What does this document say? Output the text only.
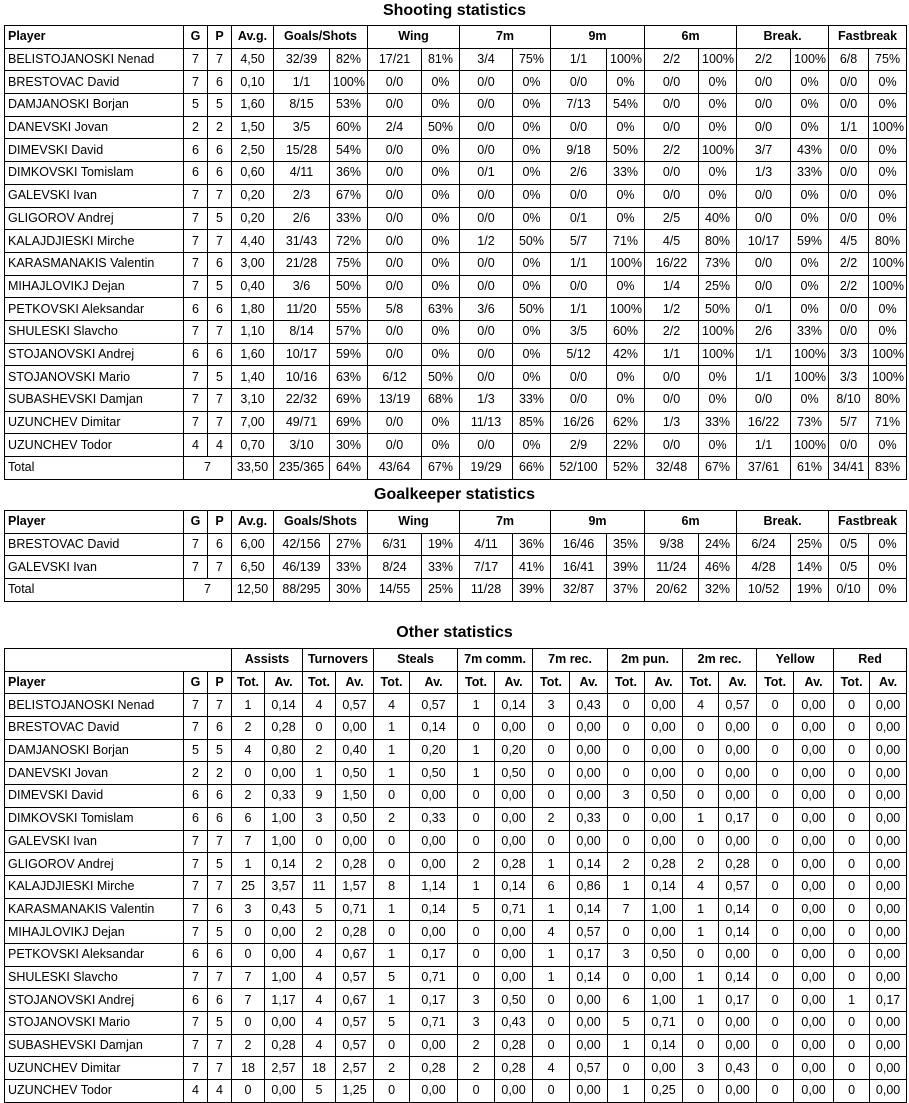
Shooting statistics
Player	G	P	Av.g.	Goals/Shots		Wing		7m		9m		6m		Break.		Fastbreak	
BELISTOJANOSKI Nenad	7	7	4,50	32/39	82%	17/21	81%	3/4	75%	1/1	100%	2/2	100%	2/2	100%	6/8	75%
BRESTOVAC David	7	6	0,10	1/1	100%	0/0	0%	0/0	0%	0/0	0%	0/0	0%	0/0	0%	0/0	0%
DAMJANOSKI Borjan	5	5	1,60	8/15	53%	0/0	0%	0/0	0%	7/13	54%	0/0	0%	0/0	0%	0/0	0%
DANEVSKI Jovan	2	2	1,50	3/5	60%	2/4	50%	0/0	0%	0/0	0%	0/0	0%	0/0	0%	1/1	100%
DIMEVSKI David	6	6	2,50	15/28	54%	0/0	0%	0/0	0%	9/18	50%	2/2	100%	3/7	43%	0/0	0%
DIMKOVSKI Tomislam	6	6	0,60	4/11	36%	0/0	0%	0/1	0%	2/6	33%	0/0	0%	1/3	33%	0/0	0%
GALEVSKI Ivan	7	7	0,20	2/3	67%	0/0	0%	0/0	0%	0/0	0%	0/0	0%	0/0	0%	0/0	0%
GLIGOROV Andrej	7	5	0,20	2/6	33%	0/0	0%	0/0	0%	0/1	0%	2/5	40%	0/0	0%	0/0	0%
KALAJDJIESKI Mirche	7	7	4,40	31/43	72%	0/0	0%	1/2	50%	5/7	71%	4/5	80%	10/17	59%	4/5	80%
KARASMANAKIS Valentin	7	6	3,00	21/28	75%	0/0	0%	0/0	0%	1/1	100%	16/22	73%	0/0	0%	2/2	100%
MIHAJLOVIKJ Dejan	7	5	0,40	3/6	50%	0/0	0%	0/0	0%	0/0	0%	1/4	25%	0/0	0%	2/2	100%
PETKOVSKI Aleksandar	6	6	1,80	11/20	55%	5/8	63%	3/6	50%	1/1	100%	1/2	50%	0/1	0%	0/0	0%
SHULESKI Slavcho	7	7	1,10	8/14	57%	0/0	0%	0/0	0%	3/5	60%	2/2	100%	2/6	33%	0/0	0%
STOJANOVSKI Andrej	6	6	1,60	10/17	59%	0/0	0%	0/0	0%	5/12	42%	1/1	100%	1/1	100%	3/3	100%
STOJANOVSKI Mario	7	5	1,40	10/16	63%	6/12	50%	0/0	0%	0/0	0%	0/0	0%	1/1	100%	3/3	100%
SUBASHEVSKI Damjan	7	7	3,10	22/32	69%	13/19	68%	1/3	33%	0/0	0%	0/0	0%	0/0	0%	8/10	80%
UZUNCHEV Dimitar	7	7	7,00	49/71	69%	0/0	0%	11/13	85%	16/26	62%	1/3	33%	16/22	73%	5/7	71%
UZUNCHEV Todor	4	4	0,70	3/10	30%	0/0	0%	0/0	0%	2/9	22%	0/0	0%	1/1	100%	0/0	0%
Total	7		33,50	235/365	64%	43/64	67%	19/29	66%	52/100	52%	32/48	67%	37/61	61%	34/41	83%
Goalkeeper statistics
Player	G	P	Av.g.	Goals/Shots		Wing		7m		9m		6m		Break.		Fastbreak	
BRESTOVAC David	7	6	6,00	42/156	27%	6/31	19%	4/11	36%	16/46	35%	9/38	24%	6/24	25%	0/5	0%
GALEVSKI Ivan	7	7	6,50	46/139	33%	8/24	33%	7/17	41%	16/41	39%	11/24	46%	4/28	14%	0/5	0%
Total	7		12,50	88/295	30%	14/55	25%	11/28	39%	32/87	37%	20/62	32%	10/52	19%	0/10	0%
Other statistics
			Assists		Turnovers		Steals		7m comm.		7m rec.		2m pun.		2m rec.		Yellow		Red	
Player	G	P	Tot.	Av.	Tot.	Av.	Tot.	Av.	Tot.	Av.	Tot.	Av.	Tot.	Av.	Tot.	Av.	Tot.	Av.	Tot.	Av.
BELISTOJANOSKI Nenad	7	7	1	0,14	4	0,57	4	0,57	1	0,14	3	0,43	0	0,00	4	0,57	0	0,00	0	0,00
BRESTOVAC David	7	6	2	0,28	0	0,00	1	0,14	0	0,00	0	0,00	0	0,00	0	0,00	0	0,00	0	0,00
DAMJANOSKI Borjan	5	5	4	0,80	2	0,40	1	0,20	1	0,20	0	0,00	0	0,00	0	0,00	0	0,00	0	0,00
DANEVSKI Jovan	2	2	0	0,00	1	0,50	1	0,50	1	0,50	0	0,00	0	0,00	0	0,00	0	0,00	0	0,00
DIMEVSKI David	6	6	2	0,33	9	1,50	0	0,00	0	0,00	0	0,00	3	0,50	0	0,00	0	0,00	0	0,00
DIMKOVSKI Tomislam	6	6	6	1,00	3	0,50	2	0,33	0	0,00	2	0,33	0	0,00	1	0,17	0	0,00	0	0,00
GALEVSKI Ivan	7	7	7	1,00	0	0,00	0	0,00	0	0,00	0	0,00	0	0,00	0	0,00	0	0,00	0	0,00
GLIGOROV Andrej	7	5	1	0,14	2	0,28	0	0,00	2	0,28	1	0,14	2	0,28	2	0,28	0	0,00	0	0,00
KALAJDJIESKI Mirche	7	7	25	3,57	11	1,57	8	1,14	1	0,14	6	0,86	1	0,14	4	0,57	0	0,00	0	0,00
KARASMANAKIS Valentin	7	6	3	0,43	5	0,71	1	0,14	5	0,71	1	0,14	7	1,00	1	0,14	0	0,00	0	0,00
MIHAJLOVIKJ Dejan	7	5	0	0,00	2	0,28	0	0,00	0	0,00	4	0,57	0	0,00	1	0,14	0	0,00	0	0,00
PETKOVSKI Aleksandar	6	6	0	0,00	4	0,67	1	0,17	0	0,00	1	0,17	3	0,50	0	0,00	0	0,00	0	0,00
SHULESKI Slavcho	7	7	7	1,00	4	0,57	5	0,71	0	0,00	1	0,14	0	0,00	1	0,14	0	0,00	0	0,00
STOJANOVSKI Andrej	6	6	7	1,17	4	0,67	1	0,17	3	0,50	0	0,00	6	1,00	1	0,17	0	0,00	1	0,17
STOJANOVSKI Mario	7	5	0	0,00	4	0,57	5	0,71	3	0,43	0	0,00	5	0,71	0	0,00	0	0,00	0	0,00
SUBASHEVSKI Damjan	7	7	2	0,28	4	0,57	0	0,00	2	0,28	0	0,00	1	0,14	0	0,00	0	0,00	0	0,00
UZUNCHEV Dimitar	7	7	18	2,57	18	2,57	2	0,28	2	0,28	4	0,57	0	0,00	3	0,43	0	0,00	0	0,00
UZUNCHEV Todor	4	4	0	0,00	5	1,25	0	0,00	0	0,00	0	0,00	1	0,25	0	0,00	0	0,00	0	0,00
